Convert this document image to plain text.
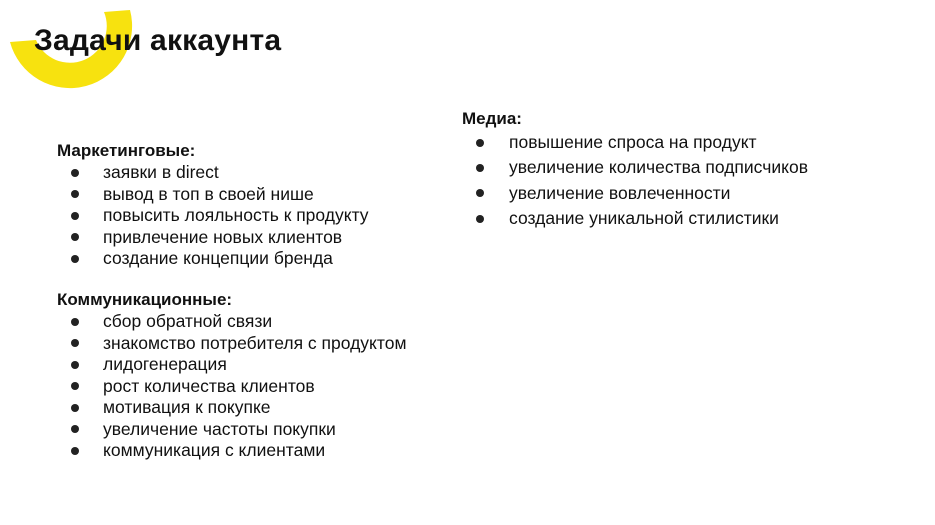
Задачи аккаунта
Маркетинговые:
заявки в direct
вывод в топ в своей нише
повысить лояльность к продукту
привлечение новых клиентов
создание концепции бренда
Коммуникационные:
сбор обратной связи
знакомство потребителя с продуктом
лидогенерация
рост количества клиентов
мотивация к покупке
увеличение частоты покупки
коммуникация с клиентами
Медиа:
повышение спроса на продукт
увеличение количества подписчиков
увеличение вовлеченности
создание уникальной стилистики
